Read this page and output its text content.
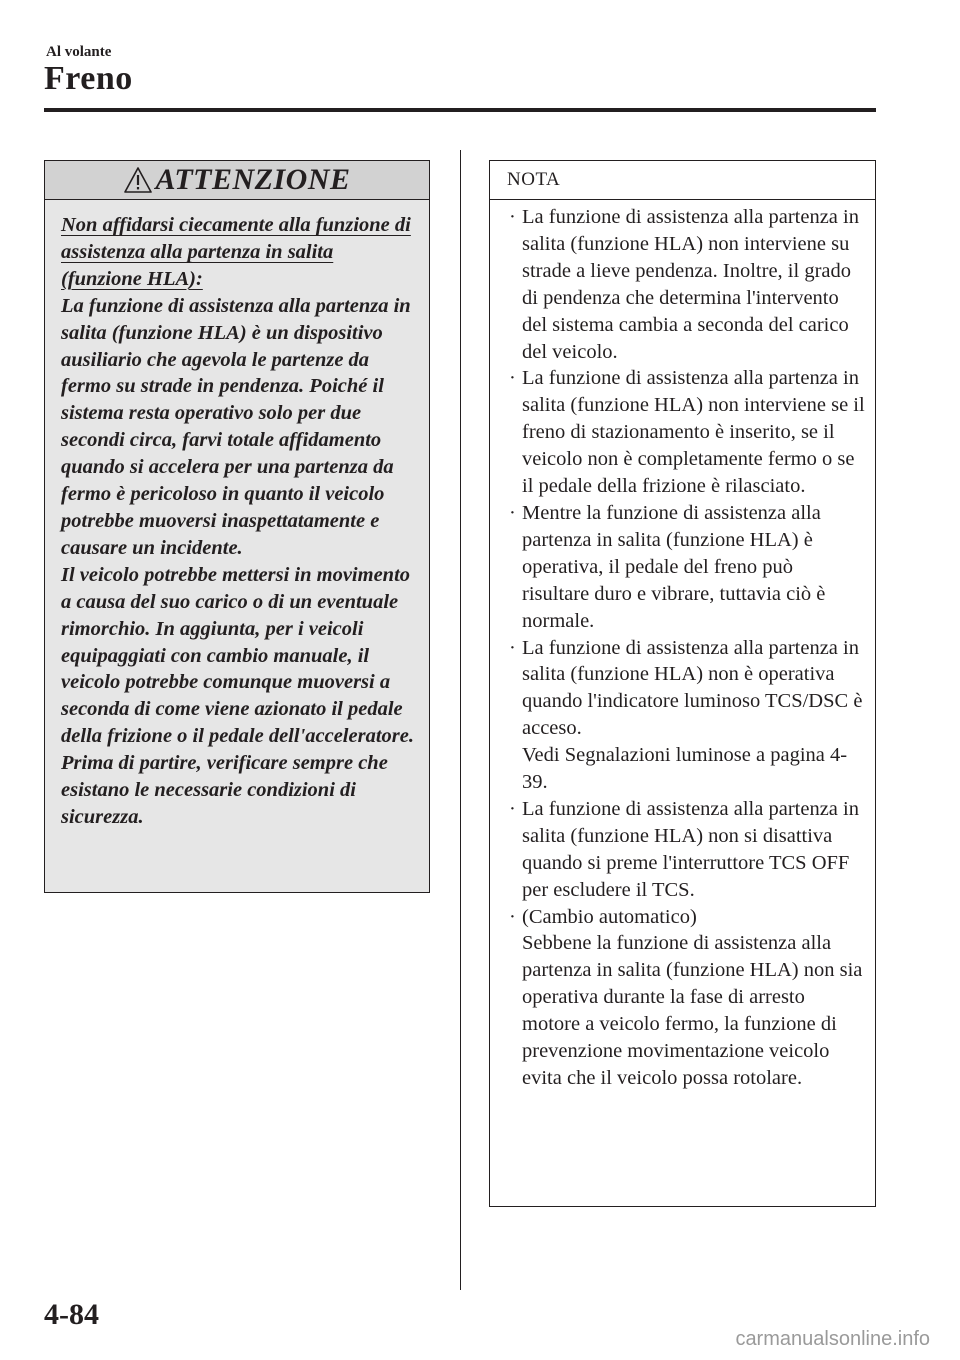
Al volante
Freno
ATTENZIONE

Non affidarsi ciecamente alla funzione di assistenza alla partenza in salita (funzione HLA):

La funzione di assistenza alla partenza in salita (funzione HLA) è un dispositivo ausiliario che agevola le partenze da fermo su strade in pendenza. Poiché il sistema resta operativo solo per due secondi circa, farvi totale affidamento quando si accelera per una partenza da fermo è pericoloso in quanto il veicolo potrebbe muoversi inaspettatamente e causare un incidente.

Il veicolo potrebbe mettersi in movimento a causa del suo carico o di un eventuale rimorchio. In aggiunta, per i veicoli equipaggiati con cambio manuale, il veicolo potrebbe comunque muoversi a seconda di come viene azionato il pedale della frizione o il pedale dell'acceleratore. Prima di partire, verificare sempre che esistano le necessarie condizioni di sicurezza.

NOTA
· La funzione di assistenza alla partenza in salita (funzione HLA) non interviene su strade a lieve pendenza. Inoltre, il grado di pendenza che determina l'intervento del sistema cambia a seconda del carico del veicolo.
· La funzione di assistenza alla partenza in salita (funzione HLA) non interviene se il freno di stazionamento è inserito, se il veicolo non è completamente fermo o se il pedale della frizione è rilasciato.
· Mentre la funzione di assistenza alla partenza in salita (funzione HLA) è operativa, il pedale del freno può risultare duro e vibrare, tuttavia ciò è normale.
· La funzione di assistenza alla partenza in salita (funzione HLA) non è operativa quando l'indicatore luminoso TCS/DSC è acceso.
Vedi Segnalazioni luminose a pagina 4-39.
· La funzione di assistenza alla partenza in salita (funzione HLA) non si disattiva quando si preme l'interruttore TCS OFF per escludere il TCS.
· (Cambio automatico)
Sebbene la funzione di assistenza alla partenza in salita (funzione HLA) non sia operativa durante la fase di arresto motore a veicolo fermo, la funzione di prevenzione movimentazione veicolo evita che il veicolo possa rotolare.
4-84
carmanualsonline.info
